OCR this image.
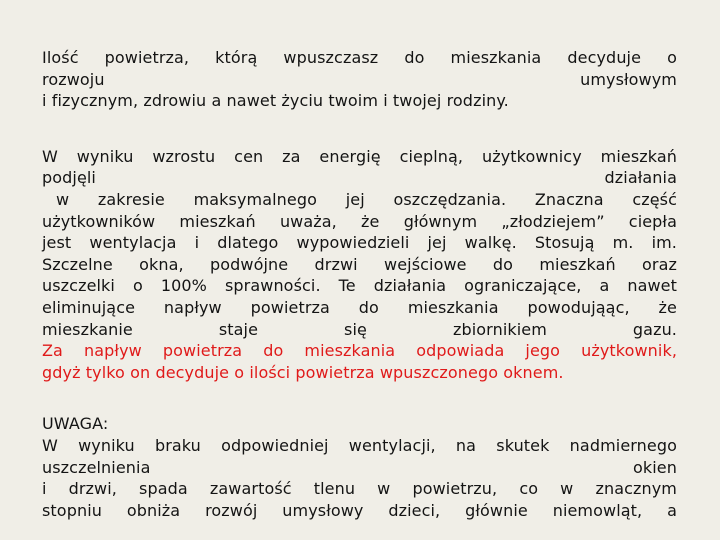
Ilość powietrza, którą wpuszczasz do mieszkania decyduje o
rozwoju umysłowym
i fizycznym, zdrowiu a nawet życiu twoim i twojej rodziny.
W wyniku wzrostu cen za energię cieplną, użytkownicy mieszkań
podjęli działania
w zakresie maksymalnego jej oszczędzania. Znaczna część
użytkowników mieszkań uważa, że głównym „złodziejem” ciepła
jest wentylacja i dlatego wypowiedzieli jej walkę. Stosują m. im.
Szczelne okna, podwójne drzwi wejściowe do mieszkań oraz
uszczelki o 100% sprawności. Te działania ograniczające, a nawet
eliminujące napływ powietrza do mieszkania powodująąc, że
mieszkanie staje się zbiornikiem gazu.
Za napływ powietrza do mieszkania odpowiada jego użytkownik,
gdyż tylko on decyduje o ilości powietrza wpuszczonego oknem.
UWAGA:
W wyniku braku odpowiedniej wentylacji, na skutek nadmiernego
uszczelnienia okien
i drzwi, spada zawartość tlenu w powietrzu, co w znacznym
stopniu obniża rozwój umysłowy dzieci, głównie niemowląt, a
